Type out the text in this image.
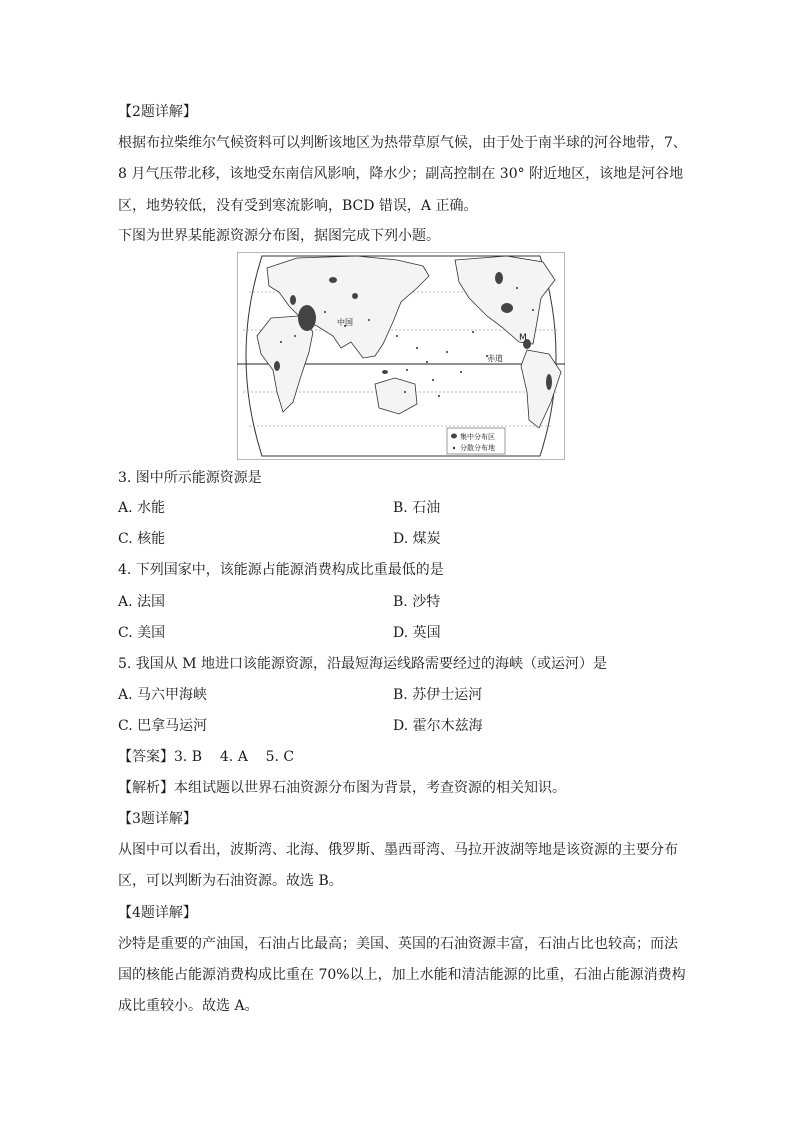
【2题详解】
根据布拉柴维尔气候资料可以判断该地区为热带草原气候，由于处于南半球的河谷地带，7、
8 月气压带北移，该地受东南信风影响，降水少；副高控制在 30° 附近地区，该地是河谷地
区，地势较低，没有受到寒流影响，BCD 错误，A 正确。
下图为世界某能源资源分布图，据图完成下列小题。
中国
赤道
M
集中分布区
分散分布地
3. 图中所示能源资源是
A. 水能	B. 石油
C. 核能	D. 煤炭
4. 下列国家中，该能源占能源消费构成比重最低的是
A. 法国	B. 沙特
C. 美国	D. 英国
5. 我国从 M 地进口该能源资源，沿最短海运线路需要经过的海峡（或运河）是
A. 马六甲海峡	B. 苏伊士运河
C. 巴拿马运河	D. 霍尔木兹海
【答案】3. B    4. A    5. C
【解析】本组试题以世界石油资源分布图为背景，考查资源的相关知识。
【3题详解】
从图中可以看出，波斯湾、北海、俄罗斯、墨西哥湾、马拉开波湖等地是该资源的主要分布
区，可以判断为石油资源。故选 B。
【4题详解】
沙特是重要的产油国，石油占比最高；美国、英国的石油资源丰富，石油占比也较高；而法
国的核能占能源消费构成比重在 70%以上，加上水能和清洁能源的比重，石油占能源消费构
成比重较小。故选 A。
